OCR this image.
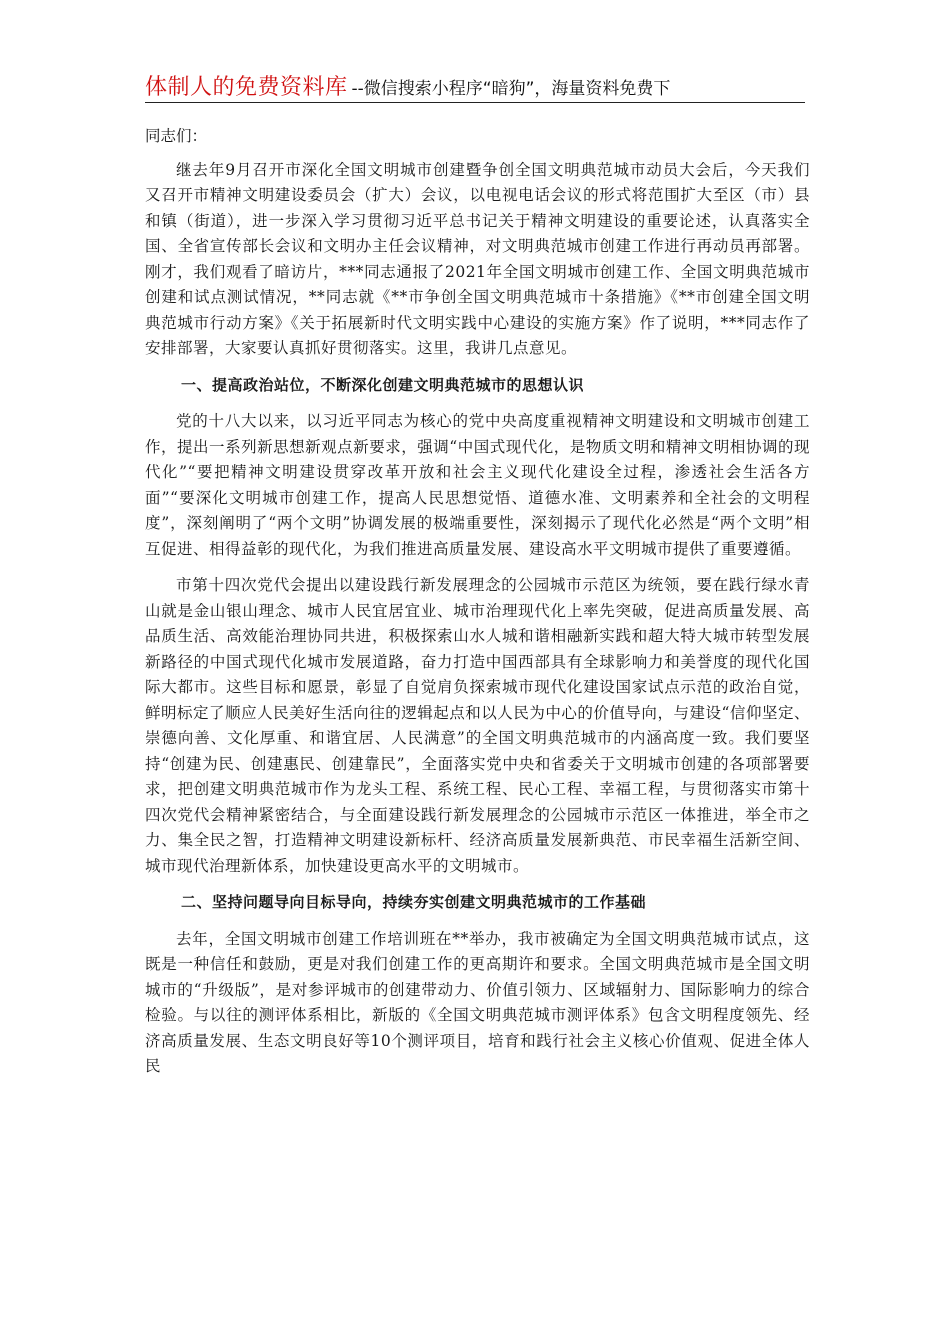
体制人的免费资料库 --微信搜索小程序“暗狗”，海量资料免费下

同志们：

继去年9月召开市深化全国文明城市创建暨争创全国文明典范城市动员大会后，今天我们又召开市精神文明建设委员会（扩大）会议，以电视电话会议的形式将范围扩大至区（市）县和镇（街道），进一步深入学习贯彻习近平总书记关于精神文明建设的重要论述，认真落实全国、全省宣传部长会议和文明办主任会议精神，对文明典范城市创建工作进行再动员再部署。刚才，我们观看了暗访片，***同志通报了2021年全国文明城市创建工作、全国文明典范城市创建和试点测试情况，**同志就《**市争创全国文明典范城市十条措施》《**市创建全国文明典范城市行动方案》《关于拓展新时代文明实践中心建设的实施方案》作了说明，***同志作了安排部署，大家要认真抓好贯彻落实。这里，我讲几点意见。

一、提高政治站位，不断深化创建文明典范城市的思想认识

党的十八大以来，以习近平同志为核心的党中央高度重视精神文明建设和文明城市创建工作，提出一系列新思想新观点新要求，强调“中国式现代化，是物质文明和精神文明相协调的现代化”“要把精神文明建设贯穿改革开放和社会主义现代化建设全过程，渗透社会生活各方面”“要深化文明城市创建工作，提高人民思想觉悟、道德水准、文明素养和全社会的文明程度”，深刻阐明了“两个文明”协调发展的极端重要性，深刻揭示了现代化必然是“两个文明”相互促进、相得益彰的现代化，为我们推进高质量发展、建设高水平文明城市提供了重要遵循。

市第十四次党代会提出以建设践行新发展理念的公园城市示范区为统领，要在践行绿水青山就是金山银山理念、城市人民宜居宜业、城市治理现代化上率先突破，促进高质量发展、高品质生活、高效能治理协同共进，积极探索山水人城和谐相融新实践和超大特大城市转型发展新路径的中国式现代化城市发展道路，奋力打造中国西部具有全球影响力和美誉度的现代化国际大都市。这些目标和愿景，彰显了自觉肩负探索城市现代化建设国家试点示范的政治自觉，鲜明标定了顺应人民美好生活向往的逻辑起点和以人民为中心的价值导向，与建设“信仰坚定、崇德向善、文化厚重、和谐宜居、人民满意”的全国文明典范城市的内涵高度一致。我们要坚持“创建为民、创建惠民、创建靠民”，全面落实党中央和省委关于文明城市创建的各项部署要求，把创建文明典范城市作为龙头工程、系统工程、民心工程、幸福工程，与贯彻落实市第十四次党代会精神紧密结合，与全面建设践行新发展理念的公园城市示范区一体推进，举全市之力、集全民之智，打造精神文明建设新标杆、经济高质量发展新典范、市民幸福生活新空间、城市现代治理新体系，加快建设更高水平的文明城市。

二、坚持问题导向目标导向，持续夯实创建文明典范城市的工作基础

去年，全国文明城市创建工作培训班在**举办，我市被确定为全国文明典范城市试点，这既是一种信任和鼓励，更是对我们创建工作的更高期许和要求。全国文明典范城市是全国文明城市的“升级版”，是对参评城市的创建带动力、价值引领力、区域辐射力、国际影响力的综合检验。与以往的测评体系相比，新版的《全国文明典范城市测评体系》包含文明程度领先、经济高质量发展、生态文明良好等10个测评项目，培育和践行社会主义核心价值观、促进全体人民
